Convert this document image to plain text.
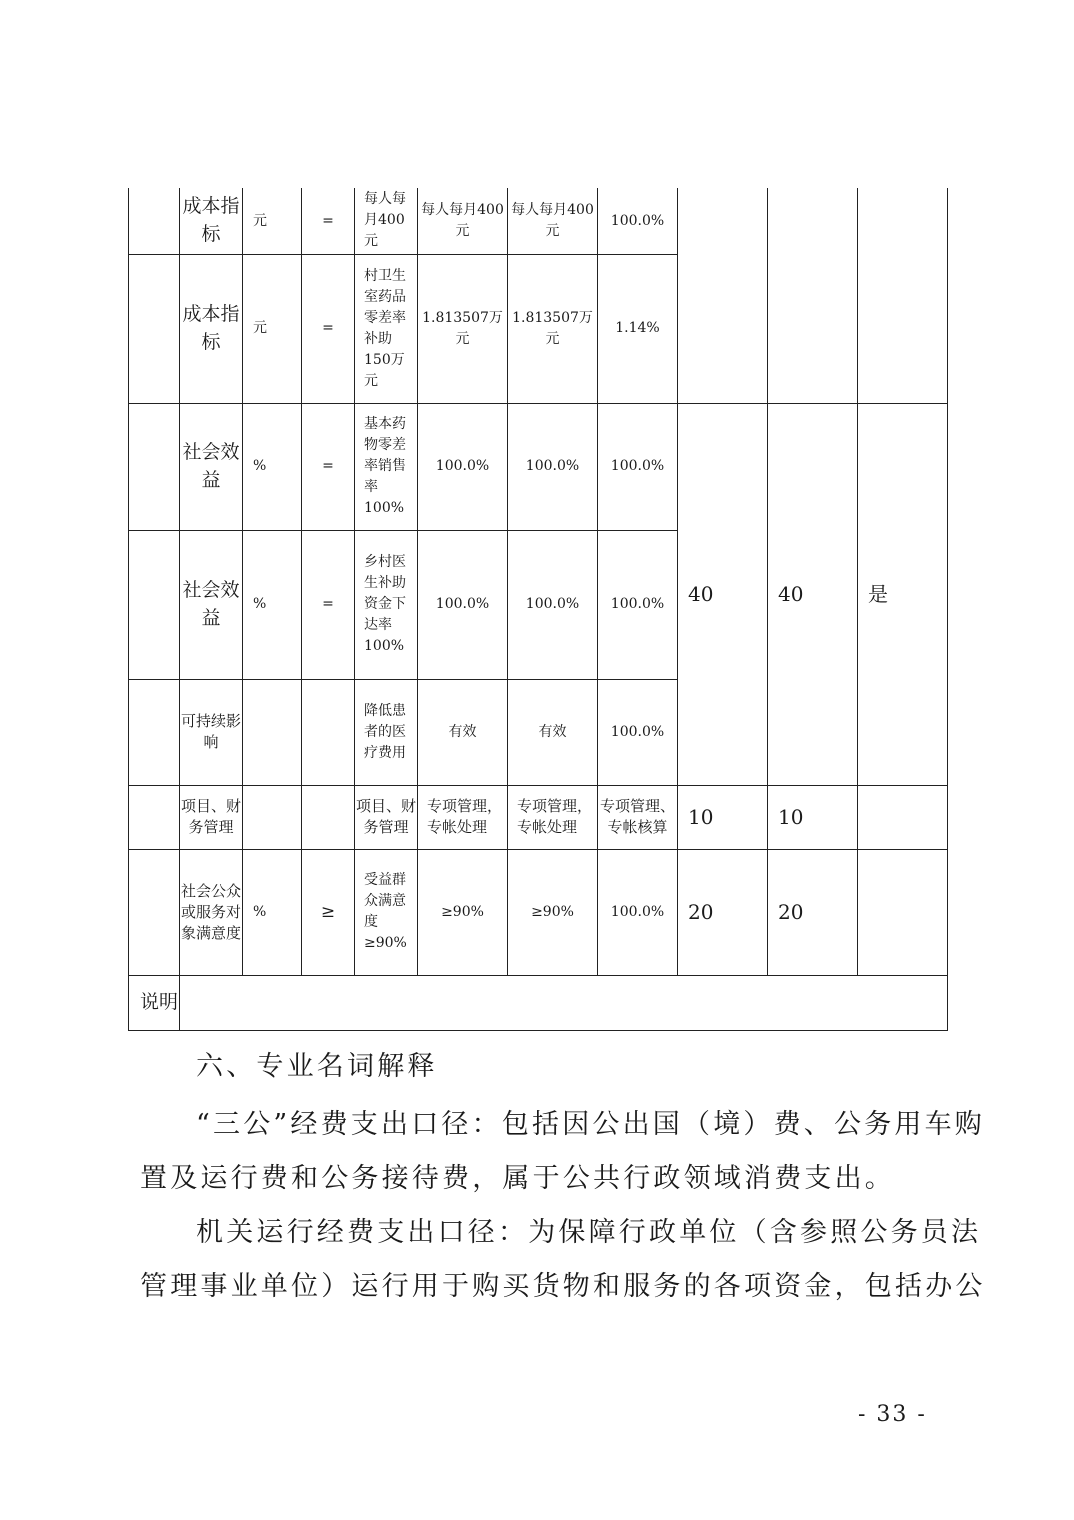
	成本指标	元	=	每人每月400元	每人每月400元	每人每月400元	100.0%			
	成本指标	元	=	村卫生室药品零差率补助150万元	1.813507万元	1.813507万元	1.14%			
	社会效益	%	=	基本药物零差率销售率100%	100.0%	100.0%	100.0%	40	40	是
	社会效益	%	=	乡村医生补助资金下达率100%	100.0%	100.0%	100.0%			
	可持续影响			降低患者的医疗费用	有效	有效	100.0%			
	项目、财务管理			项目、财务管理	专项管理，专帐处理	专项管理，专帐处理	专项管理、专帐核算	10	10	
	社会公众或服务对象满意度	%	≥	受益群众满意度≥90%	≥90%	≥90%	100.0%	20	20	
说明										

六、专业名词解释

“三公”经费支出口径：包括因公出国（境）费、公务用车购

置及运行费和公务接待费，属于公共行政领域消费支出。

机关运行经费支出口径：为保障行政单位（含参照公务员法

管理事业单位）运行用于购买货物和服务的各项资金，包括办公

- 33 -
